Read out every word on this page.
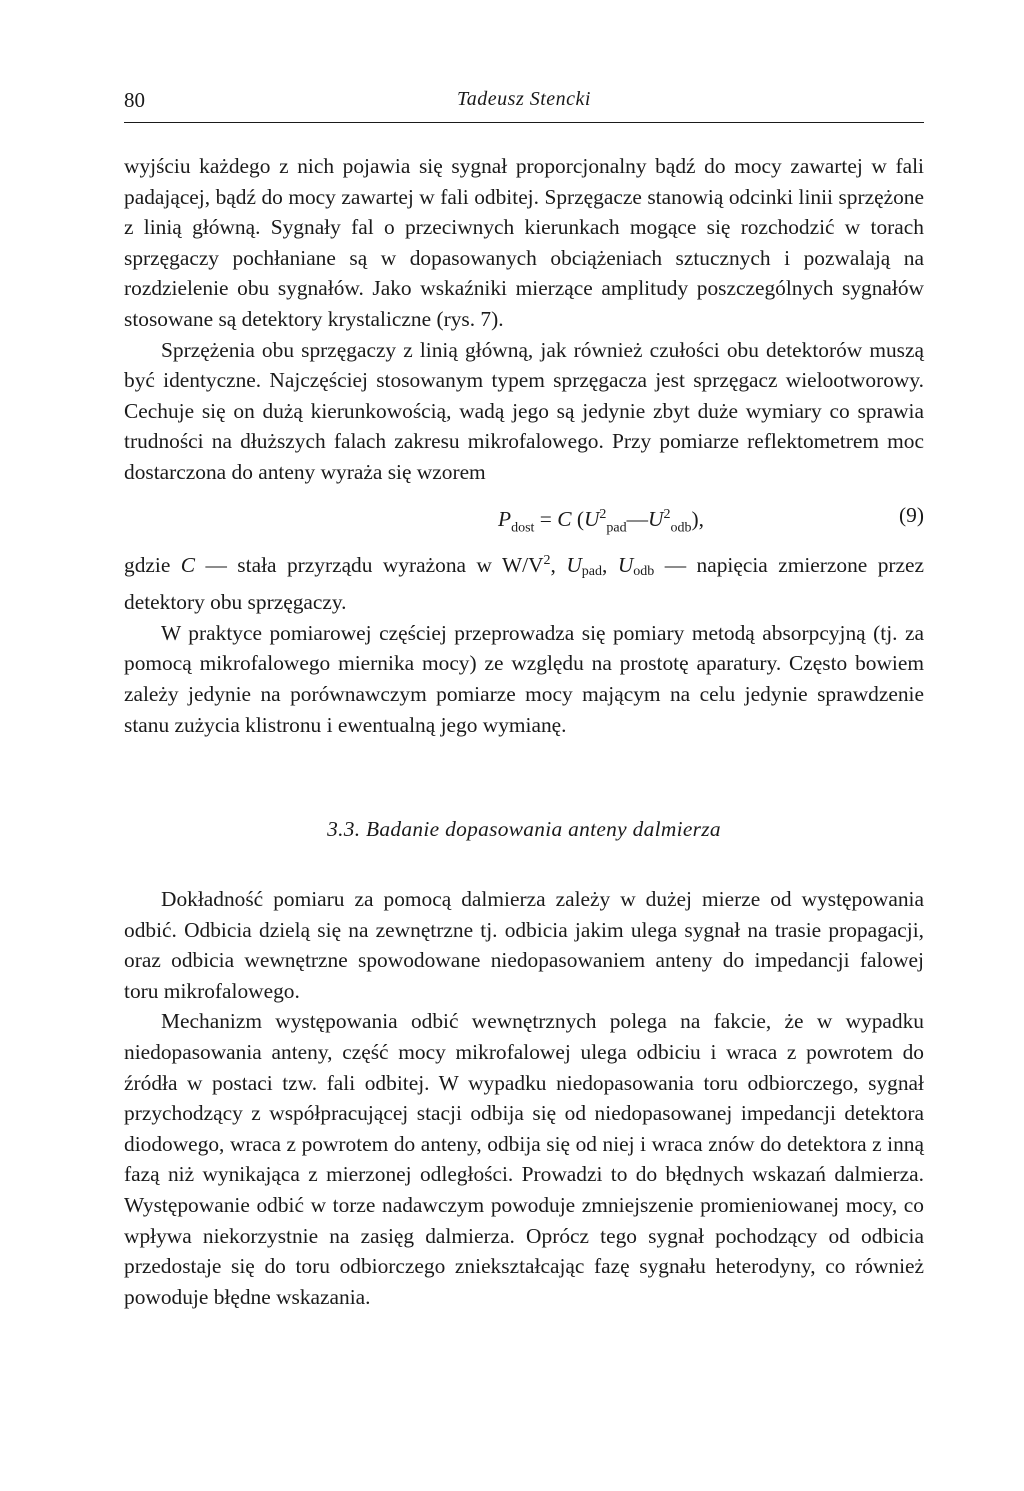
80	Tadeusz Stencki

wyjściu każdego z nich pojawia się sygnał proporcjonalny bądź do mocy zawartej w fali padającej, bądź do mocy zawartej w fali odbitej. Sprzęgacze stanowią odcinki linii sprzężone z linią główną. Sygnały fal o przeciwnych kierunkach mogące się rozchodzić w torach sprzęgaczy pochłaniane są w dopasowanych obciążeniach sztucznych i pozwalają na rozdzielenie obu sygnałów. Jako wskaźniki mierzące amplitudy poszczególnych sygnałów stosowane są detektory krystaliczne (rys. 7).

Sprzężenia obu sprzęgaczy z linią główną, jak również czułości obu detektorów muszą być identyczne. Najczęściej stosowanym typem sprzęgacza jest sprzęgacz wielootworowy. Cechuje się on dużą kierunkowością, wadą jego są jedynie zbyt duże wymiary co sprawia trudności na dłuższych falach zakresu mikrofalowego. Przy pomiarze reflektometrem moc dostarczona do anteny wyraża się wzorem

$P_{dost} = C$ $(U^2_{pad}—U^2_{odb})$,	(9)

gdzie C — stała przyrządu wyrażona w $W/V^2$, $U_{pad}$, $U_{odb}$ — napięcia zmierzone przez detektory obu sprzęgaczy.

W praktyce pomiarowej częściej przeprowadza się pomiary metodą absorpcyjną (tj. za pomocą mikrofalowego miernika mocy) ze względu na prostotę aparatury. Często bowiem zależy jedynie na porównawczym pomiarze mocy mającym na celu jedynie sprawdzenie stanu zużycia klistronu i ewentualną jego wymianę.

3.3. Badanie dopasowania anteny dalmierza

Dokładność pomiaru za pomocą dalmierza zależy w dużej mierze od występowania odbić. Odbicia dzielą się na zewnętrzne tj. odbicia jakim ulega sygnał na trasie propagacji, oraz odbicia wewnętrzne spowodowane niedopasowaniem anteny do impedancji falowej toru mikrofalowego.

Mechanizm występowania odbić wewnętrznych polega na fakcie, że w wypadku niedopasowania anteny, część mocy mikrofalowej ulega odbiciu i wraca z powrotem do źródła w postaci tzw. fali odbitej. W wypadku niedopasowania toru odbiorczego, sygnał przychodzący z współpracującej stacji odbija się od niedopasowanej impedancji detektora diodowego, wraca z powrotem do anteny, odbija się od niej i wraca znów do detektora z inną fazą niż wynikająca z mierzonej odległości. Prowadzi to do błędnych wskazań dalmierza. Występowanie odbić w torze nadawczym powoduje zmniejszenie promieniowanej mocy, co wpływa niekorzystnie na zasięg dalmierza. Oprócz tego sygnał pochodzący od odbicia przedostaje się do toru odbiorczego zniekształcając fazę sygnału heterodyny, co również powoduje błędne wskazania.
